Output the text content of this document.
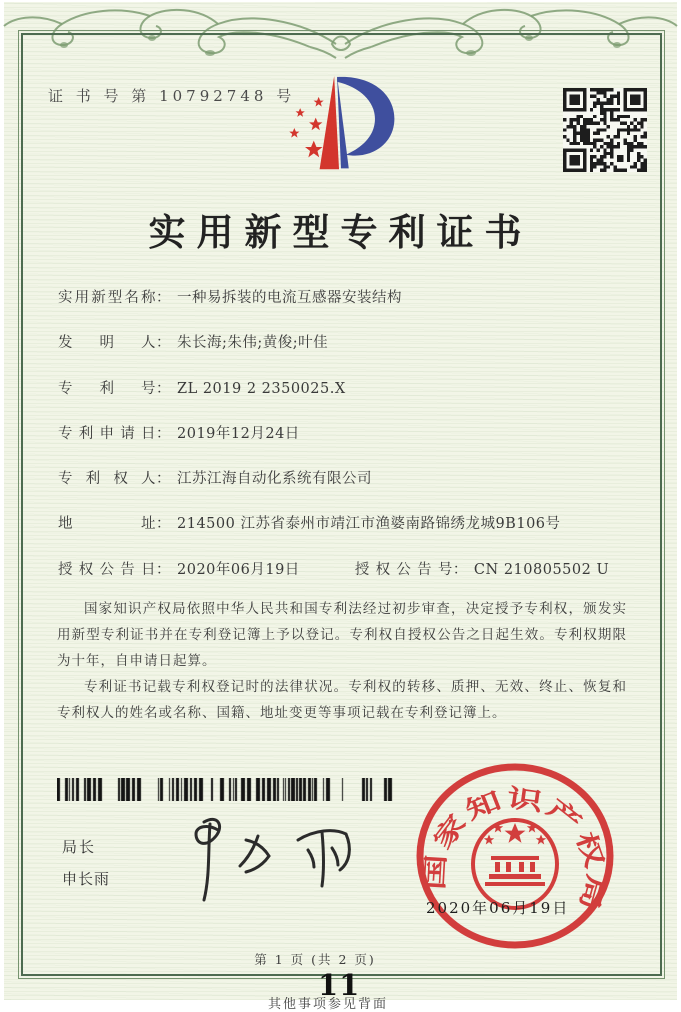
证 书 号 第 10792748 号
实用新型专利证书
实用新型名称： 一种易拆装的电流互感器安装结构
发明人： 朱长海;朱伟;黄俊;叶佳
专利号： ZL 2019 2 2350025.X
专利申请日： 2019年12月24日
专利权人： 江苏江海自动化系统有限公司
地址： 214500 江苏省泰州市靖江市渔婆南路锦绣龙城9B106号
授权公告日： 2020年06月19日	授权公告号： CN 210805502 U

国家知识产权局依照中华人民共和国专利法经过初步审查，决定授予专利权，颁发实用新型专利证书并在专利登记簿上予以登记。专利权自授权公告之日起生效。专利权期限为十年，自申请日起算。

专利证书记载专利权登记时的法律状况。专利权的转移、质押、无效、终止、恢复和专利权人的姓名或名称、国籍、地址变更等事项记载在专利登记簿上。

局长
申长雨	国家知识产权局
2020年06月19日
第 1 页 (共 2 页)
11
其他事项参见背面
